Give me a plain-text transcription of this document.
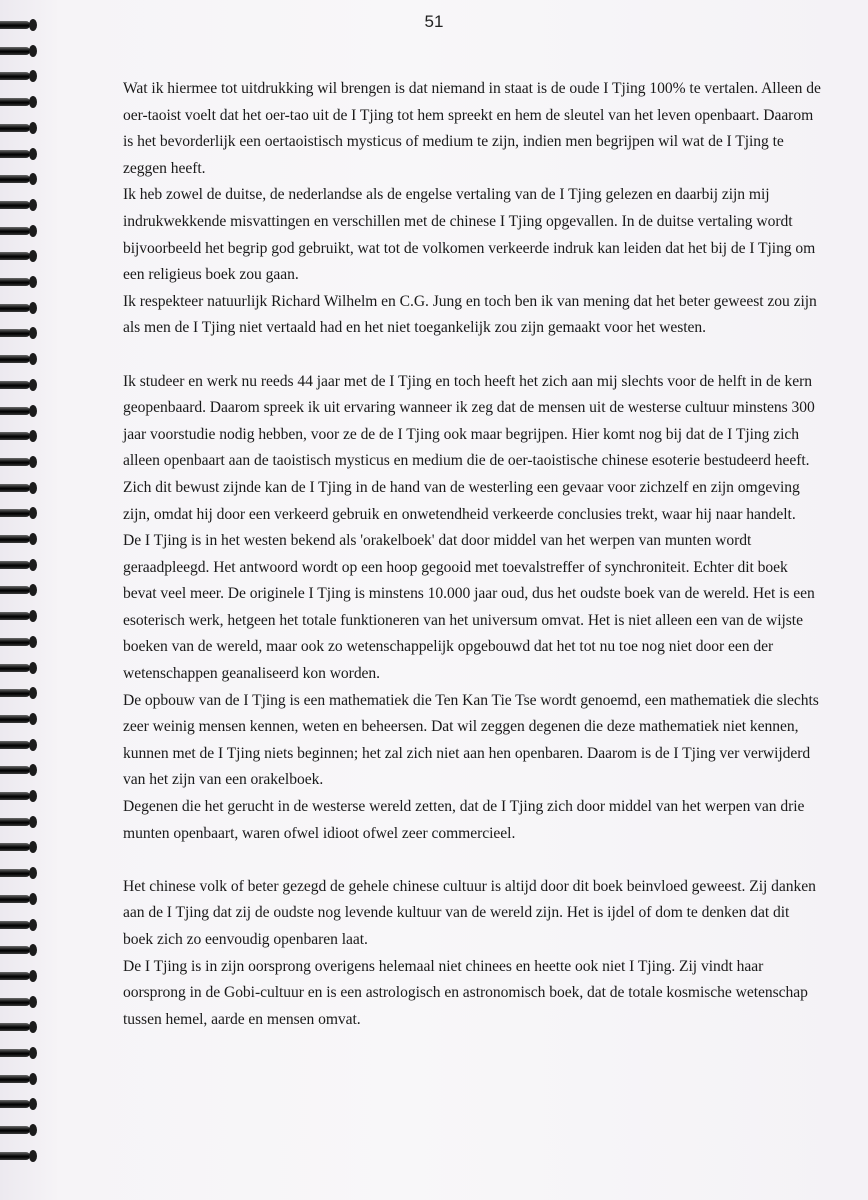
51

Wat ik hiermee tot uitdrukking wil brengen is dat niemand in staat is de oude I Tjing 100% te vertalen. Alleen de oer-taoist voelt dat het oer-tao uit de I Tjing tot hem spreekt en hem de sleutel van het leven openbaart. Daarom is het bevorderlijk een oertaoistisch mysticus of medium te zijn, indien men begrijpen wil wat de I Tjing te zeggen heeft.

Ik heb zowel de duitse, de nederlandse als de engelse vertaling van de I Tjing gelezen en daarbij zijn mij indrukwekkende misvattingen en verschillen met de chinese I Tjing opgevallen. In de duitse vertaling wordt bijvoorbeeld het begrip god gebruikt, wat tot de volkomen verkeerde indruk kan leiden dat het bij de I Tjing om een religieus boek zou gaan.

Ik respekteer natuurlijk Richard Wilhelm en C.G. Jung en toch ben ik van mening dat het beter geweest zou zijn als men de I Tjing niet vertaald had en het niet toegankelijk zou zijn gemaakt voor het westen.

Ik studeer en werk nu reeds 44 jaar met de I Tjing en toch heeft het zich aan mij slechts voor de helft in de kern geopenbaard. Daarom spreek ik uit ervaring wanneer ik zeg dat de mensen uit de westerse cultuur minstens 300 jaar voorstudie nodig hebben, voor ze de de I Tjing ook maar begrijpen. Hier komt nog bij dat de I Tjing zich alleen openbaart aan de taoistisch mysticus en medium die de oer-taoistische chinese esoterie bestudeerd heeft. Zich dit bewust zijnde kan de I Tjing in de hand van de westerling een gevaar voor zichzelf en zijn omgeving zijn, omdat hij door een verkeerd gebruik en onwetendheid verkeerde conclusies trekt, waar hij naar handelt.

De I Tjing is in het westen bekend als 'orakelboek' dat door middel van het werpen van munten wordt geraadpleegd. Het antwoord wordt op een hoop gegooid met toevalstreffer of synchroniteit. Echter dit boek bevat veel meer. De originele I Tjing is minstens 10.000 jaar oud, dus het oudste boek van de wereld. Het is een esoterisch werk, hetgeen het totale funktioneren van het universum omvat. Het is niet alleen een van de wijste boeken van de wereld, maar ook zo wetenschappelijk opgebouwd dat het tot nu toe nog niet door een der wetenschappen geanaliseerd kon worden.

De opbouw van de I Tjing is een mathematiek die Ten Kan Tie Tse wordt genoemd, een mathematiek die slechts zeer weinig mensen kennen, weten en beheersen. Dat wil zeggen degenen die deze mathematiek niet kennen, kunnen met de I Tjing niets beginnen; het zal zich niet aan hen openbaren. Daarom is de I Tjing ver verwijderd van het zijn van een orakelboek.

Degenen die het gerucht in de westerse wereld zetten, dat de I Tjing zich door middel van het werpen van drie munten openbaart, waren ofwel idioot ofwel zeer commercieel.

Het chinese volk of beter gezegd de gehele chinese cultuur is altijd door dit boek beinvloed geweest. Zij danken aan de I Tjing dat zij de oudste nog levende kultuur van de wereld zijn. Het is ijdel of dom te denken dat dit boek zich zo eenvoudig openbaren laat.

De I Tjing is in zijn oorsprong overigens helemaal niet chinees en heette ook niet I Tjing. Zij vindt haar oorsprong in de Gobi-cultuur en is een astrologisch en astronomisch boek, dat de totale kosmische wetenschap tussen hemel, aarde en mensen omvat.
